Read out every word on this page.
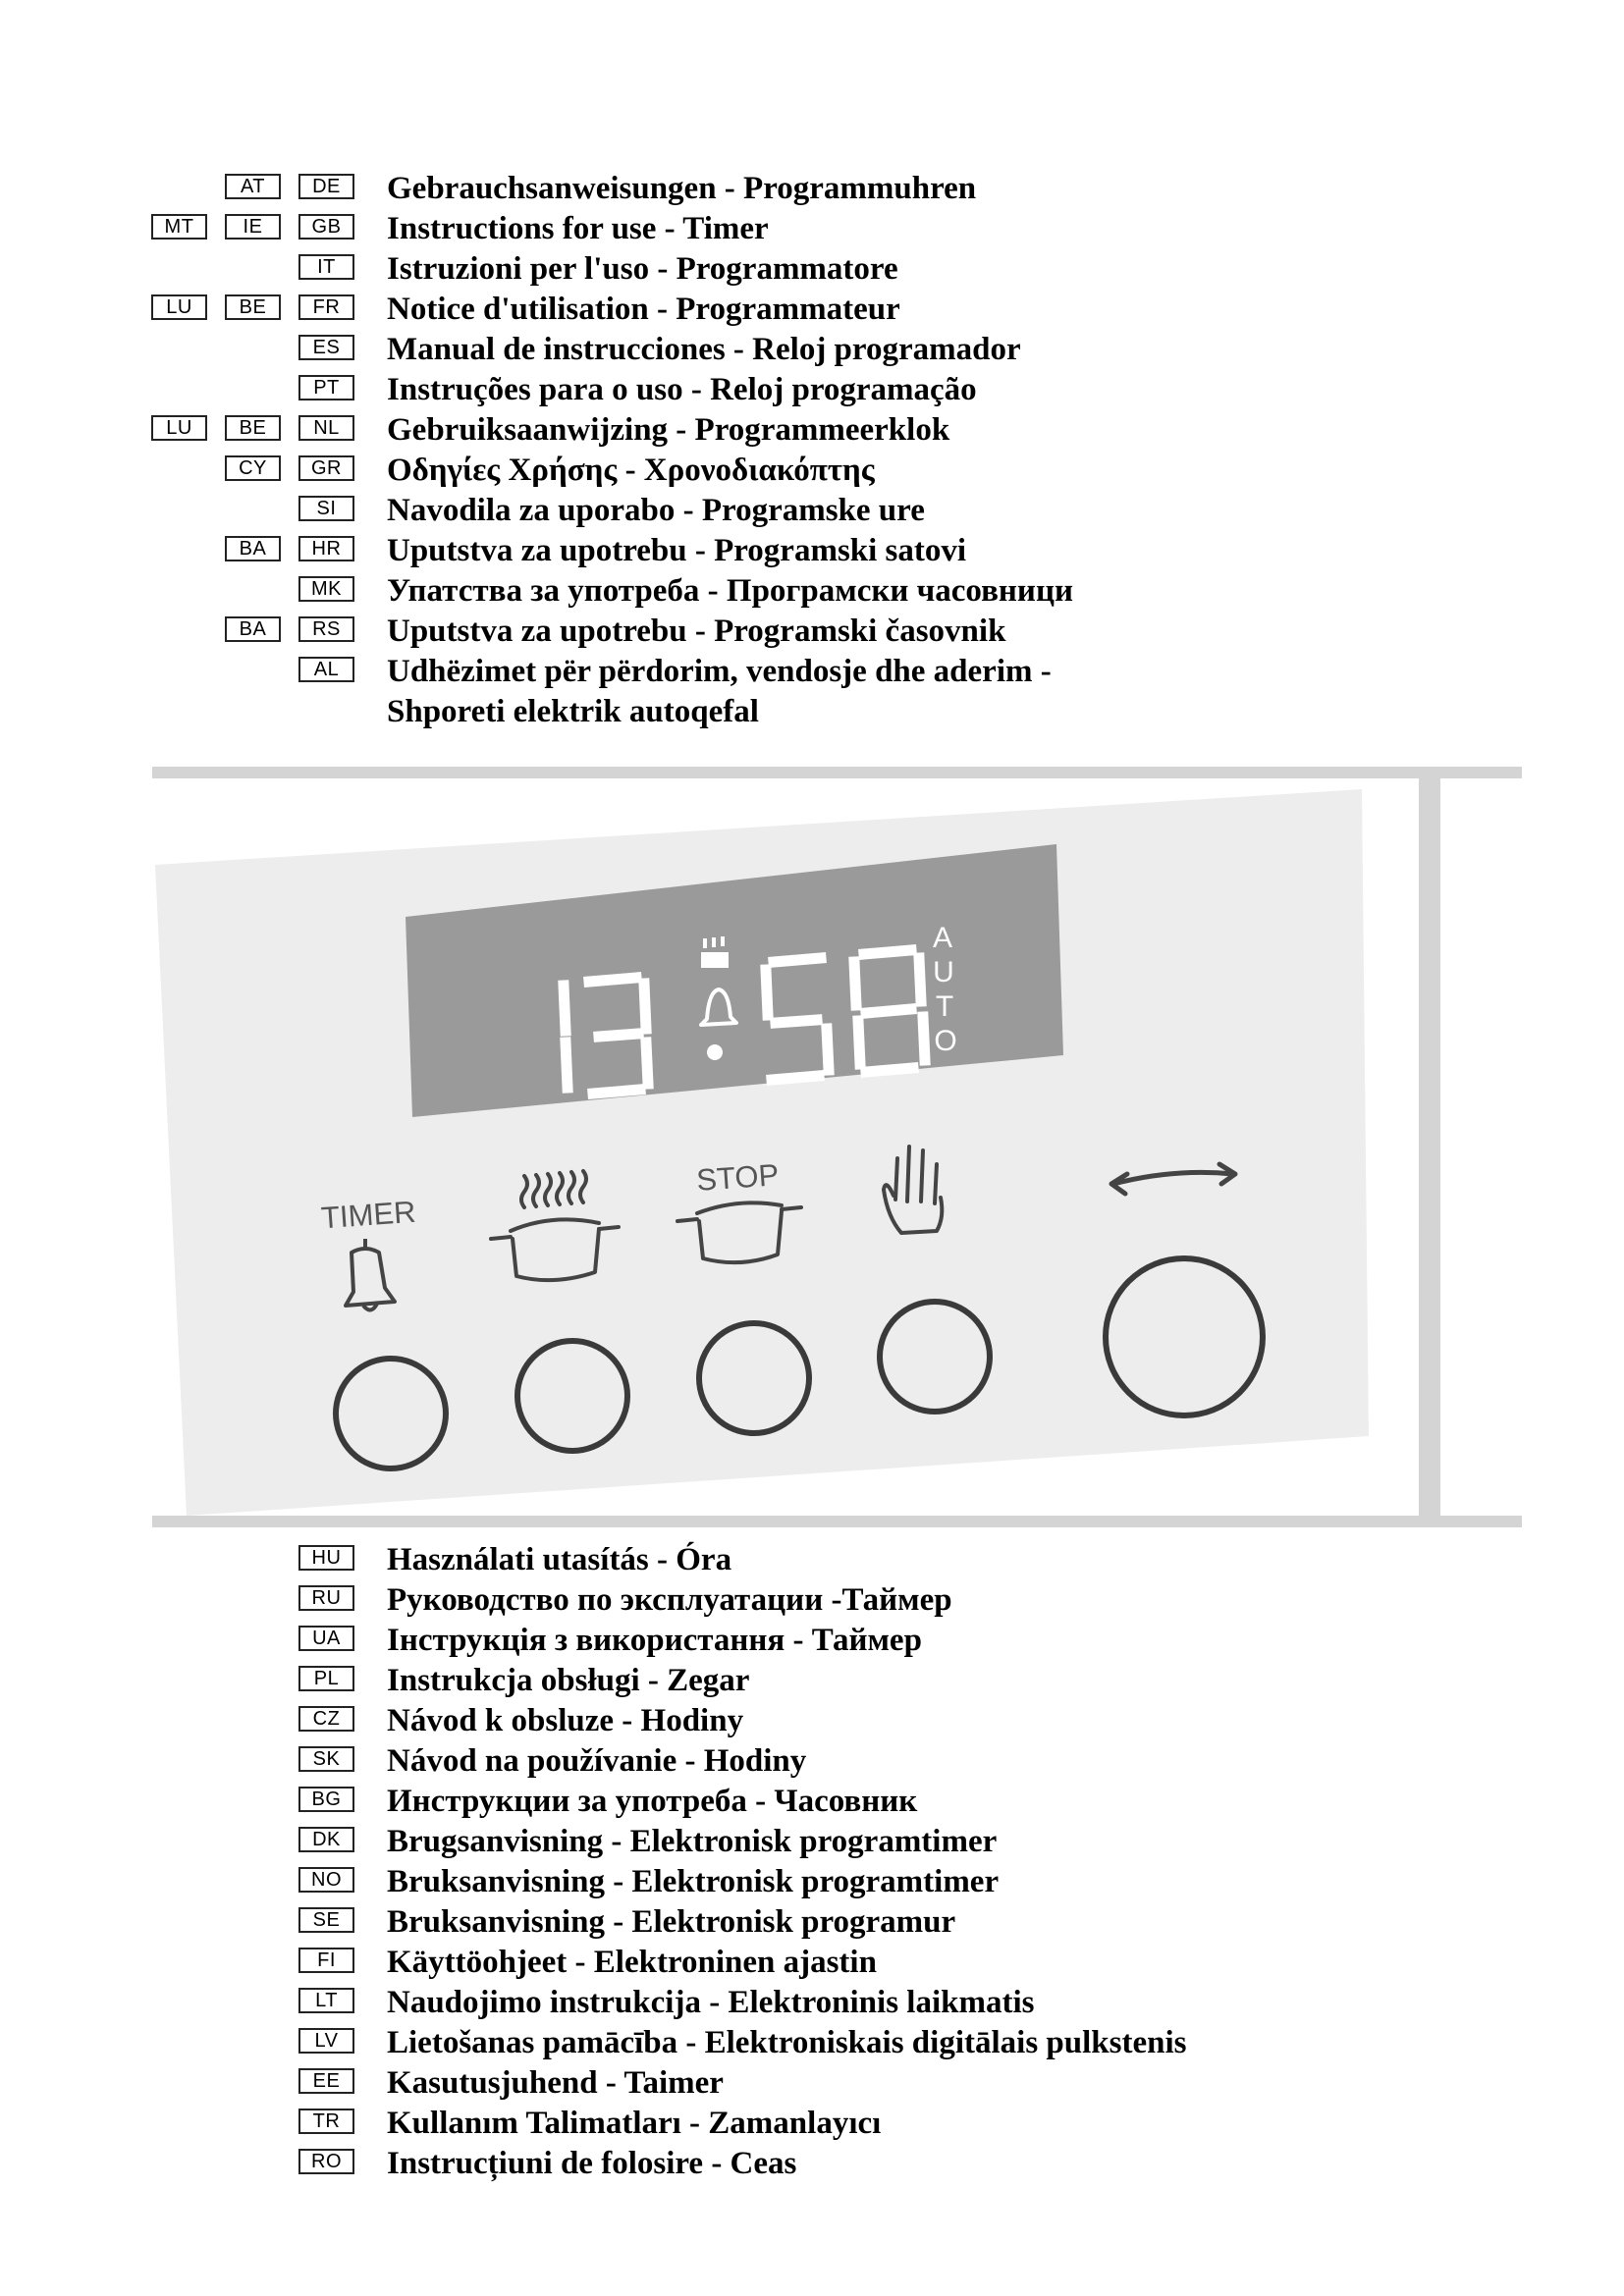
AT	DE	Gebrauchsanweisungen - Programmuhren
MT	IE	GB	Instructions for use - Timer
IT	Istruzioni per l'uso - Programmatore
LU	BE	FR	Notice d'utilisation - Programmateur
ES	Manual de instrucciones - Reloj programador
PT	Instruções para o uso - Reloj programação
LU	BE	NL	Gebruiksaanwijzing - Programmeerklok
CY	GR	Οδηγίες Χρήσης - Χρονοδιακόπτης
SI	Navodila za uporabo - Programske ure
BA	HR	Uputstva za upotrebu - Programski satovi
MK	Упатства за употреба - Програмски часовници
BA	RS	Uputstva za upotrebu - Programski časovnik
AL	Udhëzimet për përdorim, vendosje dhe aderim -
Shporeti elektrik autoqefal
A
U
T
O
TIMER
STOP
HU	Használati utasítás - Óra
RU	Руководство по эксплуатации -Таймер
UA	Інструкція з використання - Таймер
PL	Instrukcja obsługi - Zegar
CZ	Návod k obsluze - Hodiny
SK	Návod na používanie - Hodiny
BG	Инструкции за употреба - Часовник
DK	Brugsanvisning - Elektronisk programtimer
NO	Bruksanvisning - Elektronisk programtimer
SE	Bruksanvisning - Elektronisk programur
FI	Käyttöohjeet - Elektroninen ajastin
LT	Naudojimo instrukcija - Elektroninis laikmatis
LV	Lietošanas pamācība - Elektroniskais digitālais pulkstenis
EE	Kasutusjuhend - Taimer
TR	Kullanım Talimatları - Zamanlayıcı
RO	Instrucțiuni de folosire - Ceas
